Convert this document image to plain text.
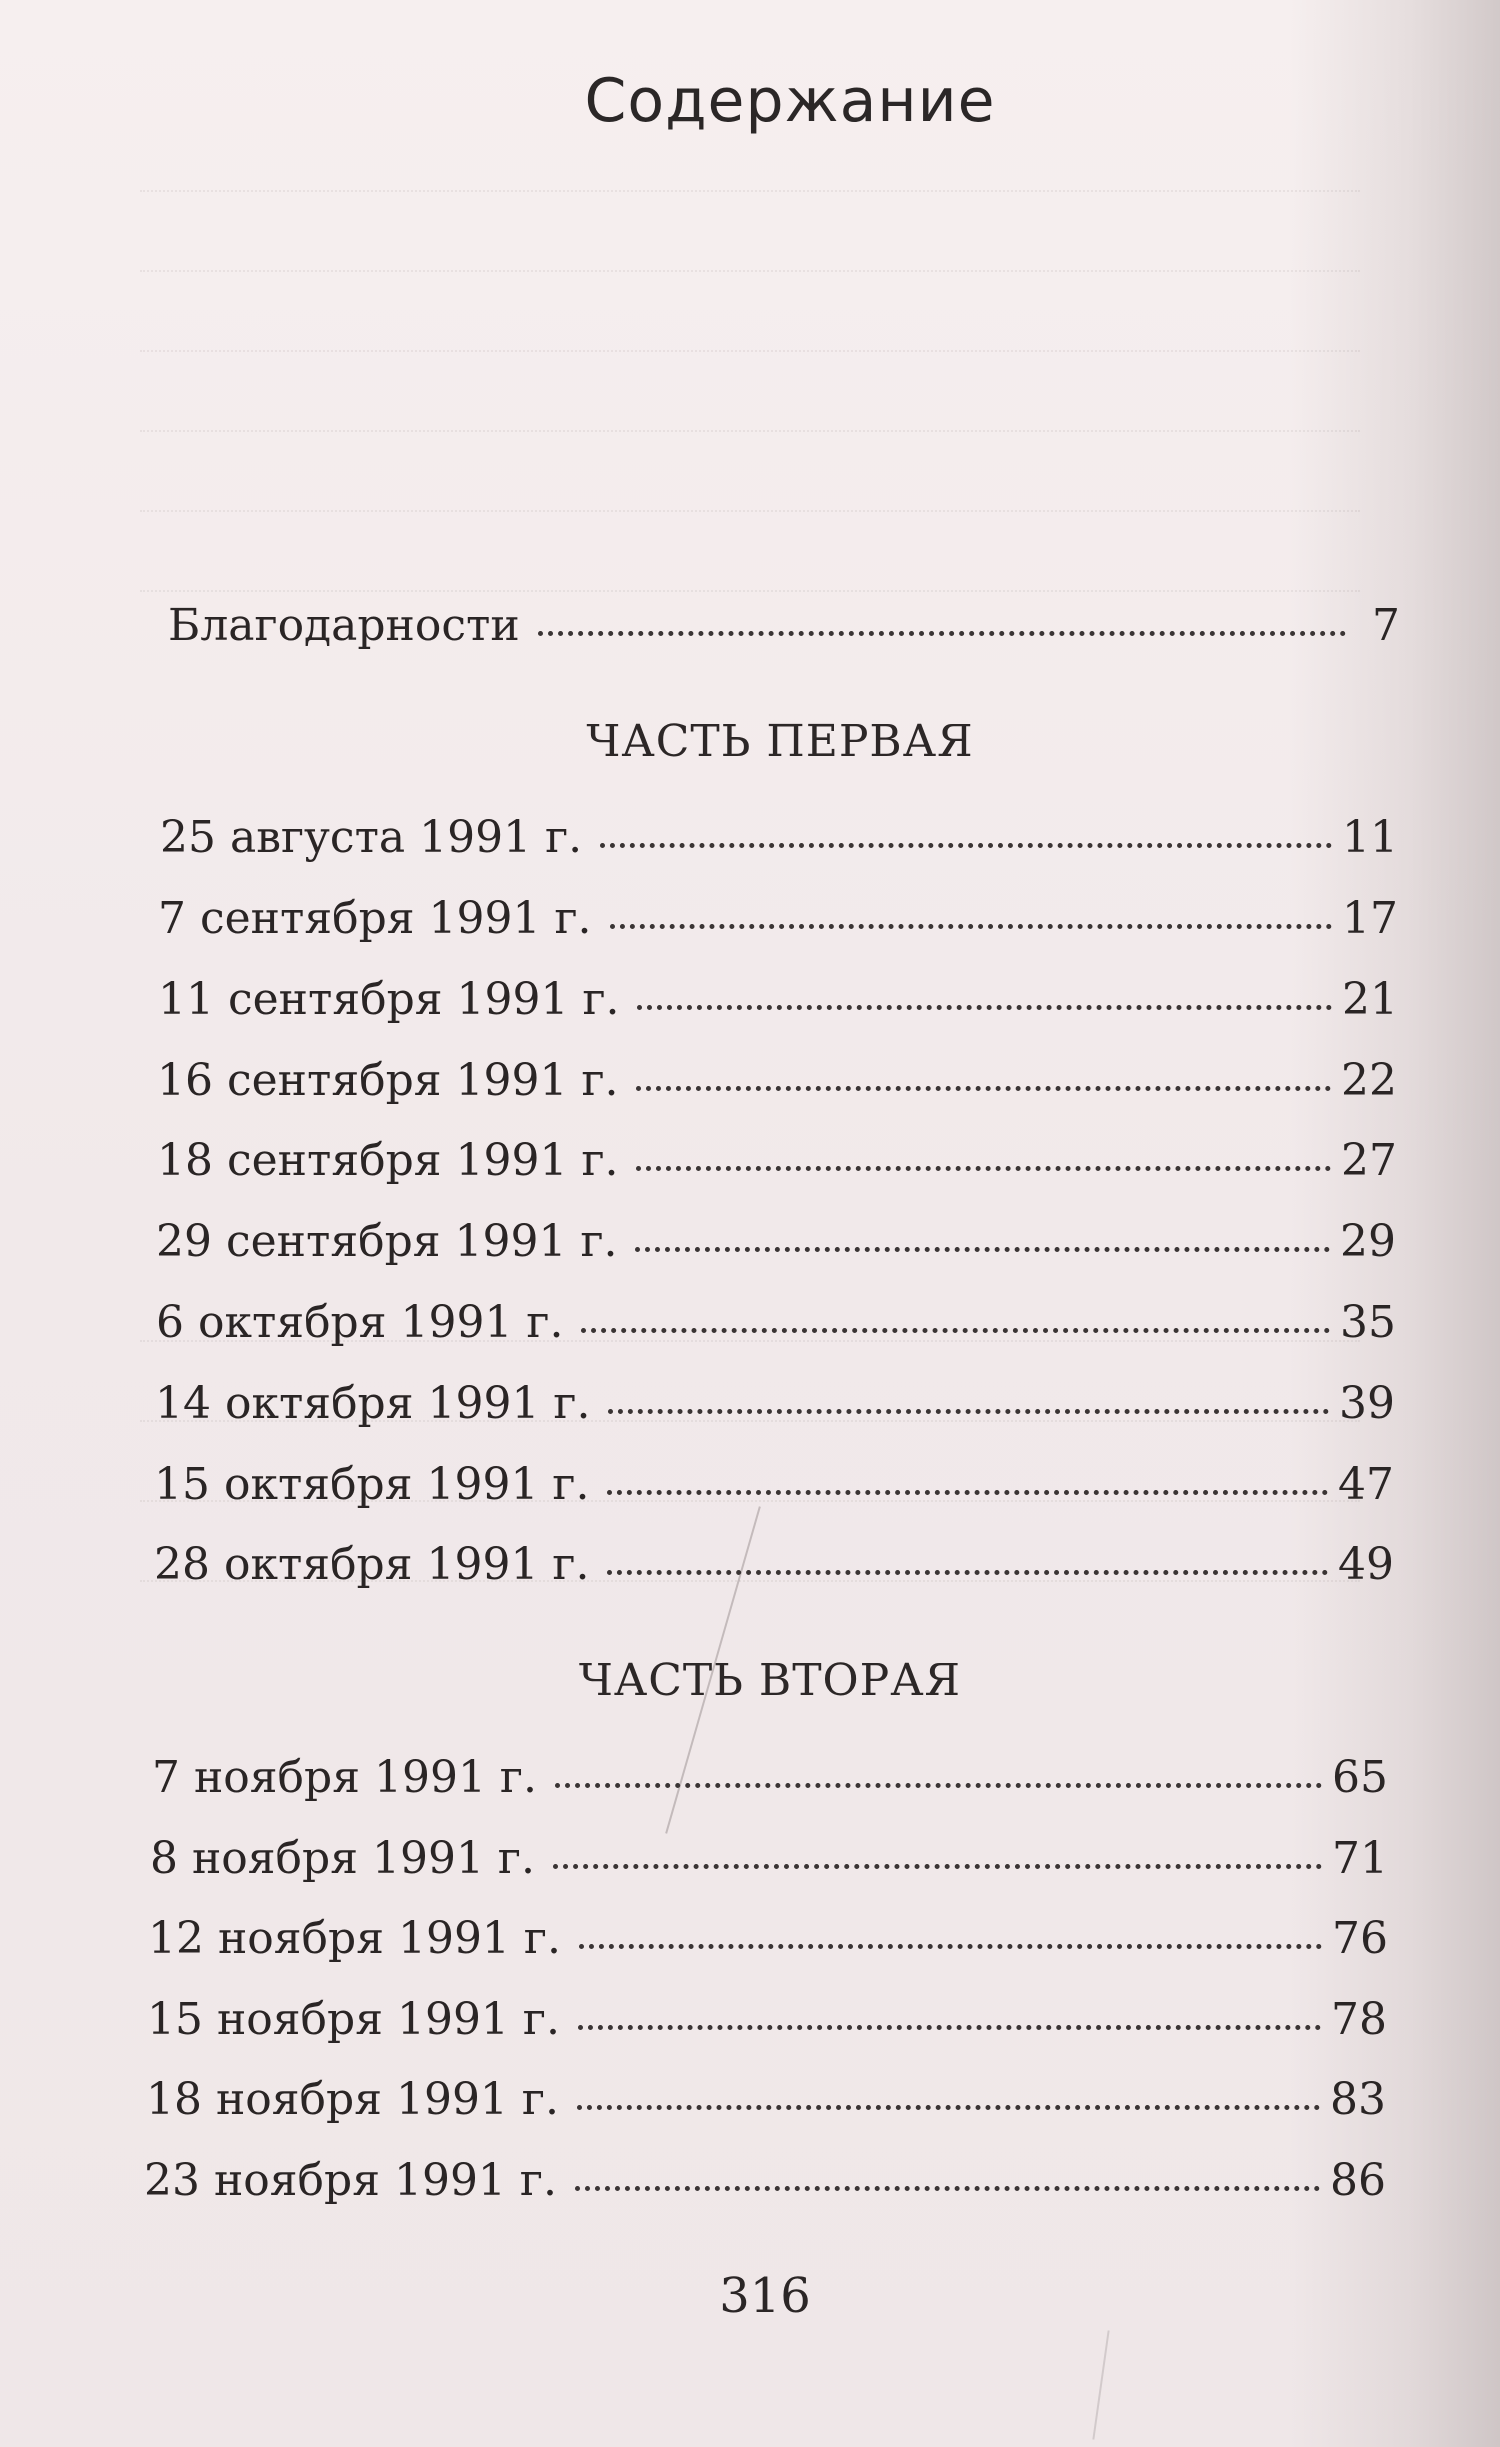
Содержание
Благодарности	7
ЧАСТЬ ПЕРВАЯ
25 августа 1991 г.	11
7 сентября 1991 г.	17
11 сентября 1991 г.	21
16 сентября 1991 г.	22
18 сентября 1991 г.	27
29 сентября 1991 г.	29
6 октября 1991 г.	35
14 октября 1991 г.	39
15 октября 1991 г.	47
28 октября 1991 г.	49
ЧАСТЬ ВТОРАЯ
7 ноября 1991 г.	65
8 ноября 1991 г.	71
12 ноября 1991 г.	76
15 ноября 1991 г.	78
18 ноября 1991 г.	83
23 ноября 1991 г.	86
316
